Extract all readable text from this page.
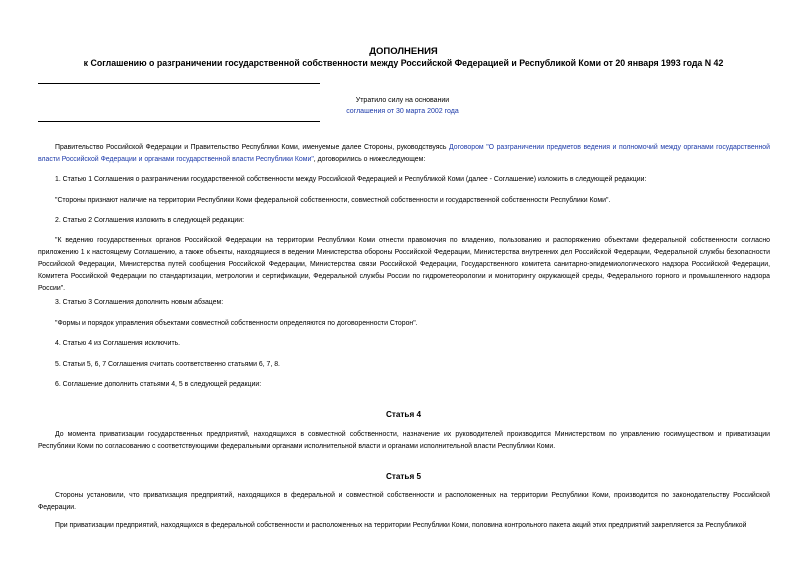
ДОПОЛНЕНИЯ
к Соглашению о разграничении государственной собственности между Российской Федерацией и Республикой Коми от 20 января 1993 года N 42
Утратило силу на основании
соглашения от 30 марта 2002 года
Правительство Российской Федерации и Правительство Республики Коми, именуемые далее Стороны, руководствуясь Договором "О разграничении предметов ведения и полномочий между органами государственной власти Российской Федерации и органами государственной власти Республики Коми", договорились о нижеследующем:
1. Статью 1 Соглашения о разграничении государственной собственности между Российской Федерацией и Республикой Коми (далее - Соглашение) изложить в следующей редакции:
"Стороны признают наличие на территории Республики Коми федеральной собственности, совместной собственности и государственной собственности Республики Коми".
2. Статью 2 Соглашения изложить в следующей редакции:
"К ведению государственных органов Российской Федерации на территории Республики Коми отнести правомочия по владению, пользованию и распоряжению объектами федеральной собственности согласно приложению 1 к настоящему Соглашению, а также объекты, находящиеся в ведении Министерства обороны Российской Федерации, Министерства внутренних дел Российской Федерации, Федеральной службы безопасности Российской Федерации, Министерства путей сообщения Российской Федерации, Министерства связи Российской Федерации, Государственного комитета санитарно-эпидемиологического надзора Российской Федерации, Комитета Российской Федерации по стандартизации, метрологии и сертификации, Федеральной службы России по гидрометеорологии и мониторингу окружающей среды, Федерального горного и промышленного надзора России".
3. Статью 3 Соглашения дополнить новым абзацем:
"Формы и порядок управления объектами совместной собственности определяются по договоренности Сторон".
4. Статью 4 из Соглашения исключить.
5. Статьи 5, 6, 7 Соглашения считать соответственно статьями 6, 7, 8.
6. Соглашение дополнить статьями 4, 5 в следующей редакции:
Статья 4
До момента приватизации государственных предприятий, находящихся в совместной собственности, назначение их руководителей производится Министерством по управлению госимуществом и приватизации Республики Коми по согласованию с соответствующими федеральными органами исполнительной власти и органами исполнительной власти Республики Коми.
Статья 5
Стороны установили, что приватизация предприятий, находящихся в федеральной и совместной собственности и расположенных на территории Республики Коми, производится по законодательству Российской Федерации.
При приватизации предприятий, находящихся в федеральной собственности и расположенных на территории Республики Коми, половина контрольного пакета акций этих предприятий закрепляется за Республикой
